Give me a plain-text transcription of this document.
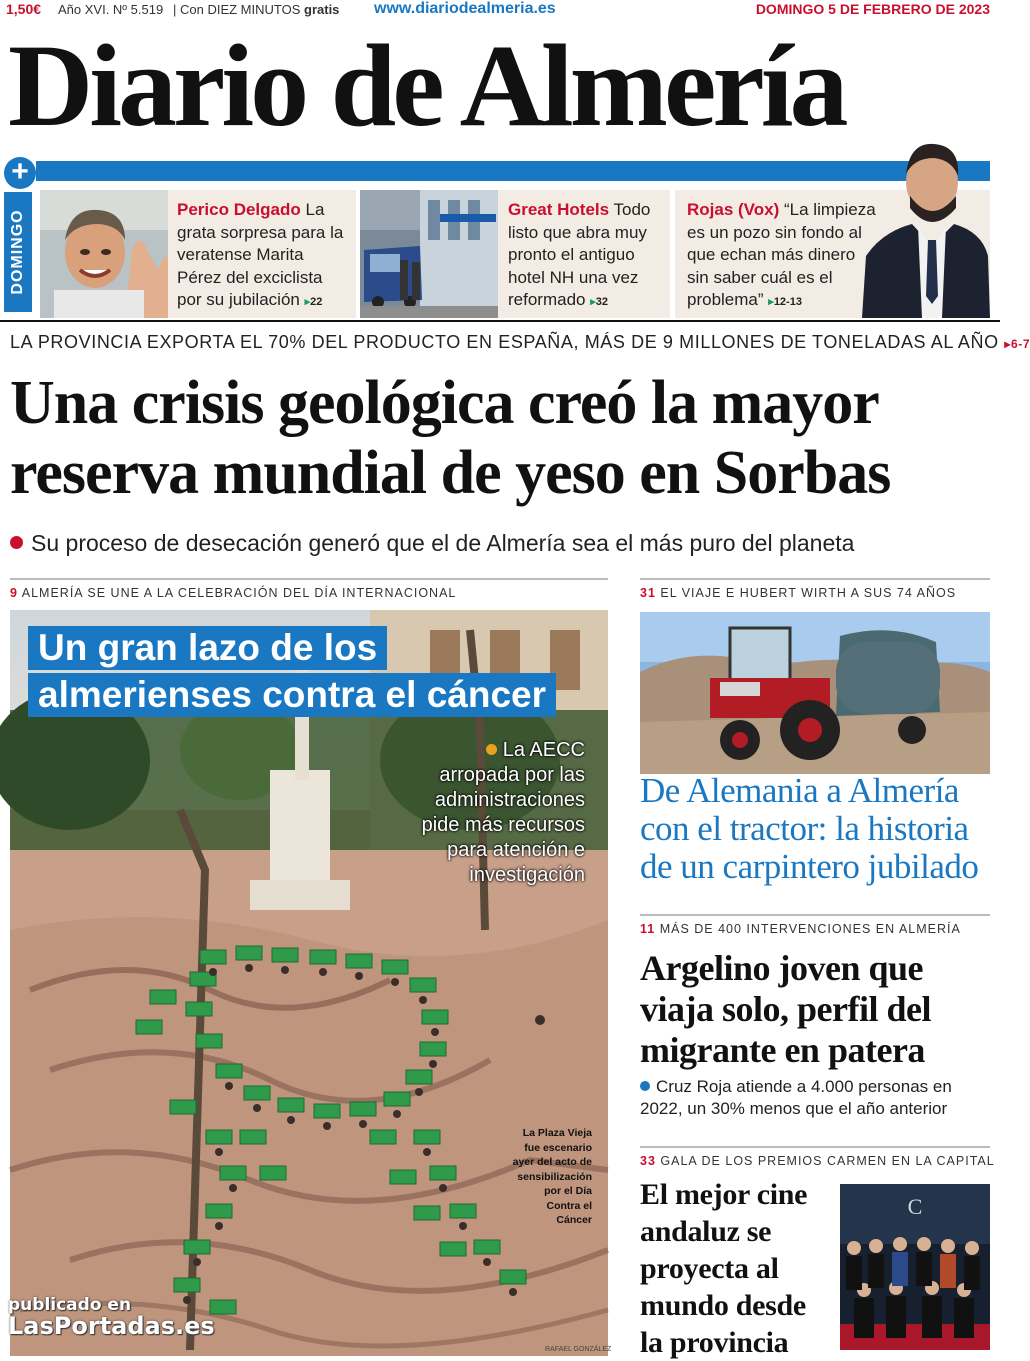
1,50€ Año XVI. Nº 5.519 | Con DIEZ MINUTOS gratis www.diariodealmeria.es	DOMINGO 5 DE FEBRERO DE 2023
Diario de Almería
+
DOMINGO	Perico Delgado La grata sorpresa para la veratense Marita Pérez del exciclista por su jubilación ▸ 22
Great Hotels Todo listo que abra muy pronto el antiguo hotel NH una vez reformado ▸ 32
Rojas (Vox) “La limpieza es un pozo sin fondo al que echan más dinero sin saber cuál es el problema” ▸ 12-13
LA PROVINCIA EXPORTA EL 70% DEL PRODUCTO EN ESPAÑA, MÁS DE 9 MILLONES DE TONELADAS AL AÑO ▸6-7
Una crisis geológica creó la mayor
reserva mundial de yeso en Sorbas
Su proceso de desecación generó que el de Almería sea el más puro del planeta
9 ALMERÍA SE UNE A LA CELEBRACIÓN DEL DÍA INTERNACIONAL	31 EL VIAJE E HUBERT WIRTH A SUS 74 AÑOS
Un gran lazo de los
almerienses contra el cáncer
La AECC
arropada por las
administraciones
pide más recursos
para atención e
investigación
La Plaza Vieja
fue escenario
ayer del acto de
sensibilización
por el Día
Contra el
Cáncer
RAFAEL GONZÁLEZ
De Alemania a Almería con el tractor: la historia de un carpintero jubilado
11 MÁS DE 400 INTERVENCIONES EN ALMERÍA
Argelino joven que viaja solo, perfil del migrante en patera
Cruz Roja atiende a 4.000 personas en 2022, un 30% menos que el año anterior
33 GALA DE LOS PREMIOS CARMEN EN LA CAPITAL
El mejor cine andaluz se proyecta al mundo desde la provincia
C
publicado en
LasPortadas.es
